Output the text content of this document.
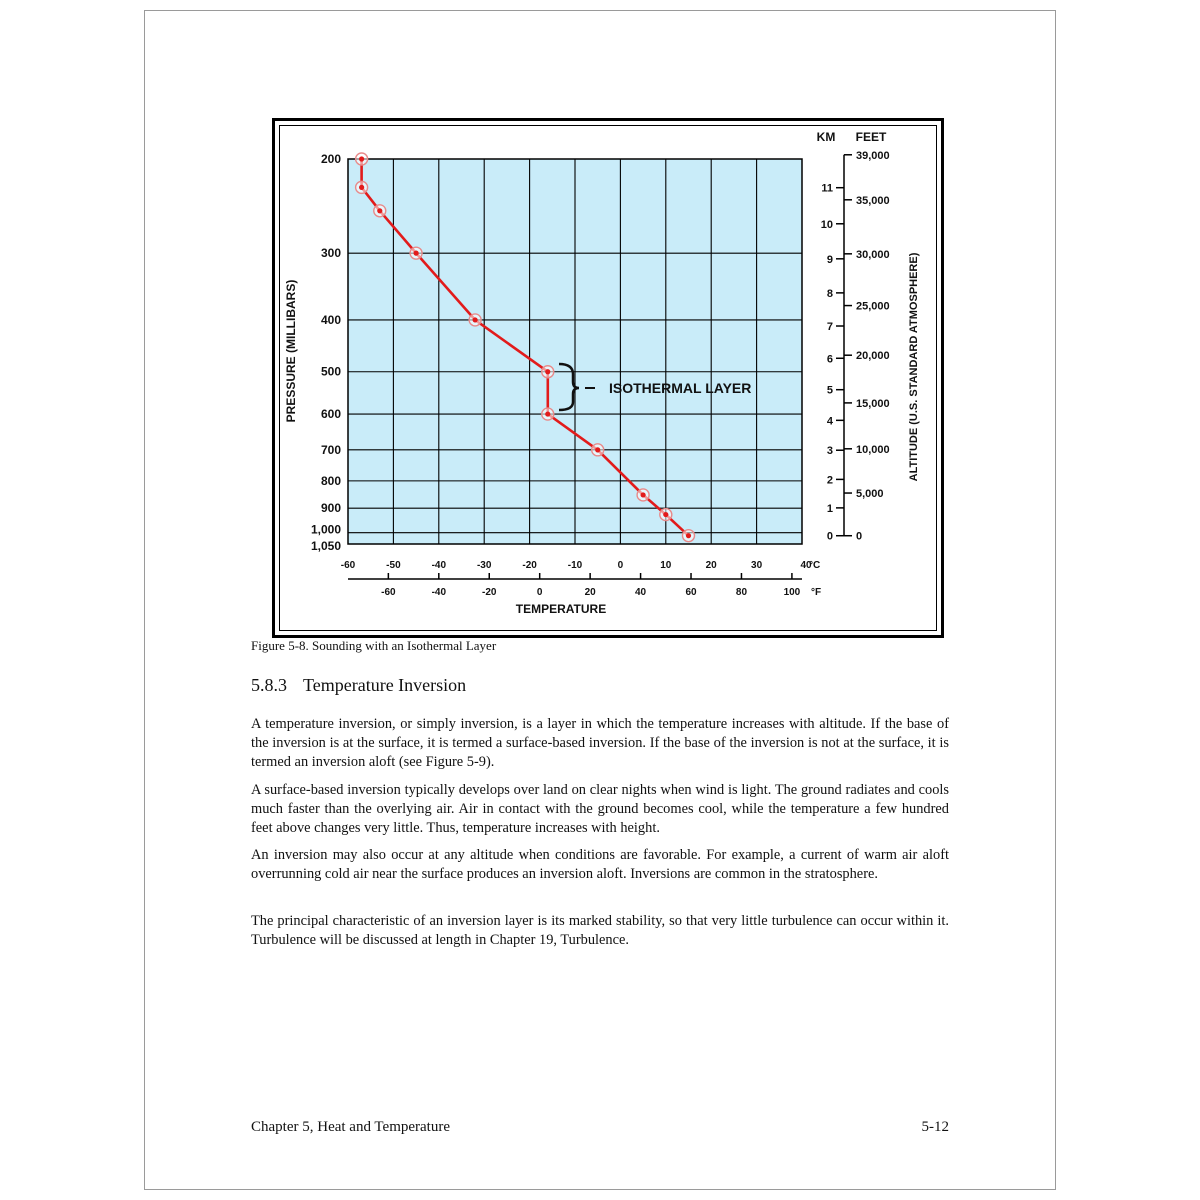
200
300
400
500
600
700
800
900
1,000
1,050
-60	-50	-40	-30	-20	-10	0	10	20	30	40
-60	-40	-20	0	20	40	60	80	100
0
1
2
3
4
5
6
7
8
9
10
11
0
5,000
10,000
15,000
20,000
25,000
30,000
35,000
39,000
ISOTHERMAL LAYER
PRESSURE (MILLIBARS)	ALTITUDE (U.S. STANDARD ATMOSPHERE)
TEMPERATURE
KM FEET
°C
°F
Figure 5-8. Sounding with an Isothermal Layer
5.8.3 Temperature Inversion

A temperature inversion, or simply inversion, is a layer in which the temperature increases with altitude. If the base of the inversion is at the surface, it is termed a surface-based inversion. If the base of the inversion is not at the surface, it is termed an inversion aloft (see Figure 5-9).

A surface-based inversion typically develops over land on clear nights when wind is light. The ground radiates and cools much faster than the overlying air. Air in contact with the ground becomes cool, while the temperature a few hundred feet above changes very little. Thus, temperature increases with height.

An inversion may also occur at any altitude when conditions are favorable. For example, a current of warm air aloft overrunning cold air near the surface produces an inversion aloft. Inversions are common in the stratosphere.

The principal characteristic of an inversion layer is its marked stability, so that very little turbulence can occur within it. Turbulence will be discussed at length in Chapter 19, Turbulence.

Chapter 5, Heat and Temperature	5-12
